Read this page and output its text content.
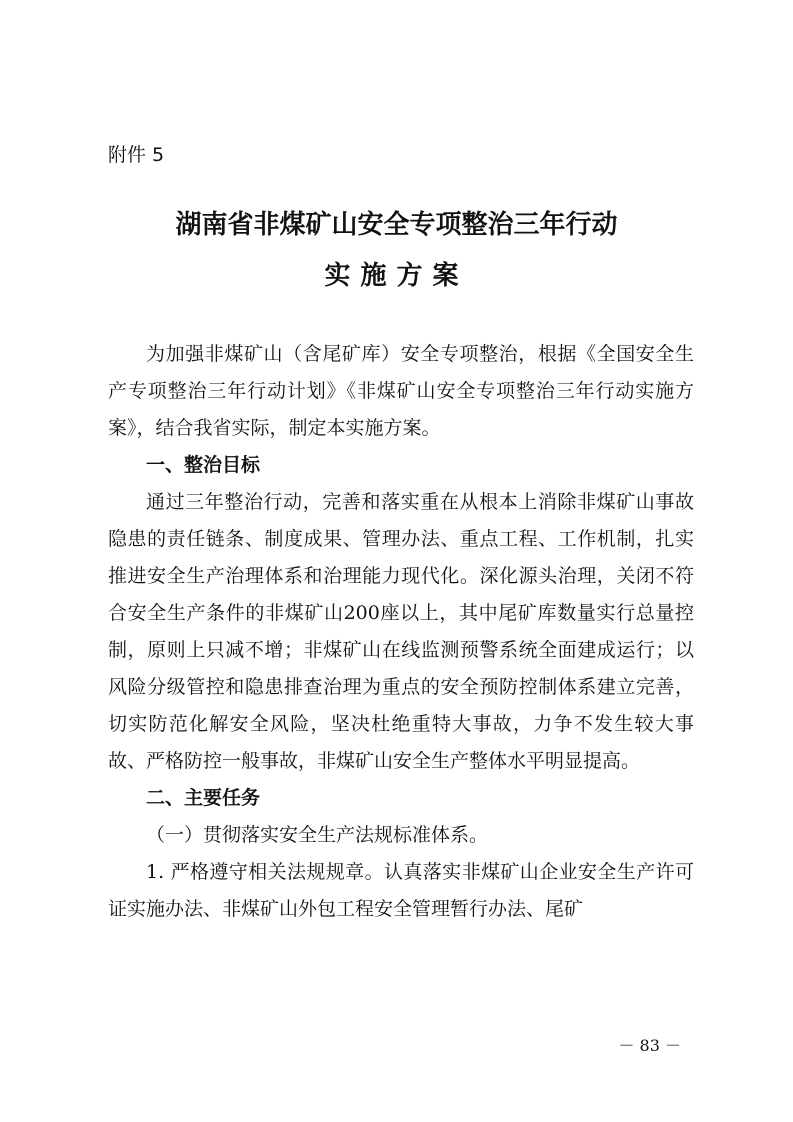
附件 5

湖南省非煤矿山安全专项整治三年行动
实施方案

为加强非煤矿山（含尾矿库）安全专项整治，根据《全国安全生产专项整治三年行动计划》《非煤矿山安全专项整治三年行动实施方案》，结合我省实际，制定本实施方案。

一、整治目标

通过三年整治行动，完善和落实重在从根本上消除非煤矿山事故隐患的责任链条、制度成果、管理办法、重点工程、工作机制，扎实推进安全生产治理体系和治理能力现代化。深化源头治理，关闭不符合安全生产条件的非煤矿山200座以上，其中尾矿库数量实行总量控制，原则上只减不增；非煤矿山在线监测预警系统全面建成运行；以风险分级管控和隐患排查治理为重点的安全预防控制体系建立完善，切实防范化解安全风险，坚决杜绝重特大事故，力争不发生较大事故、严格防控一般事故，非煤矿山安全生产整体水平明显提高。

二、主要任务

（一）贯彻落实安全生产法规标准体系。

1. 严格遵守相关法规规章。认真落实非煤矿山企业安全生产许可证实施办法、非煤矿山外包工程安全管理暂行办法、尾矿

－ 83 －
